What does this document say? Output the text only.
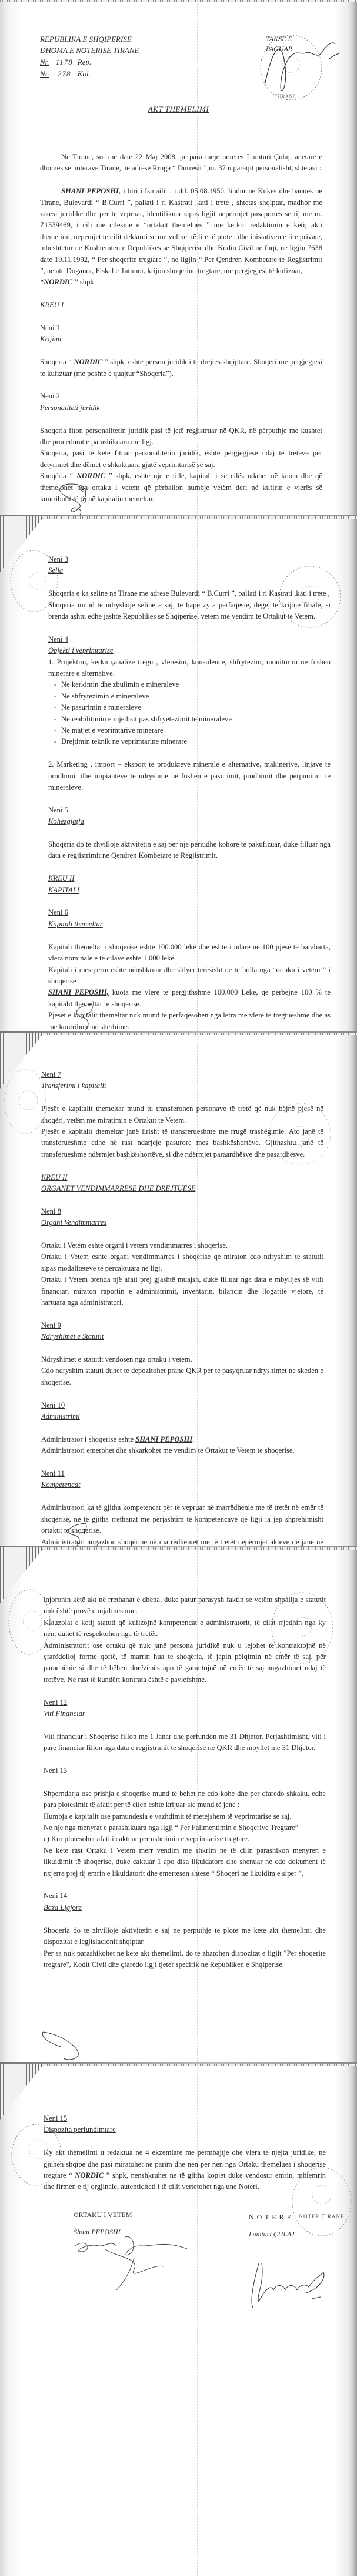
REPUBLIKA E SHQIPERISE
DHOMA E NOTERISE TIRANE
Nr. 1178 Rep.
Nr. 278 Kol.
TAKSE E
PAGUAR
TIRANE
AKT THEMELIMI
Ne Tirane, sot me date 22 Maj 2008, perpara meje noteres Lumturi Çulaj, anetare e dhomes se noterave Tirane, ne adrese Rruga “ Durresit ”,nr. 37 u paraqit personalisht, shtetasi :
SHANI PEPOSHI, i biri i Ismailit , i dtl. 05.08.1950, lindur ne Kukes dhe banues ne Tirane, Bulevardi “ B.Curri ”, pallati i ri Kastrati ,kati i trete , shtetas shqiptar, madhor me zotesi juridike dhe per te vepruar, identifikuar sipas ligjit nepermjet pasaportes se tij me nr. Z1539469, i cili me cilesine e “ortakut themelues ” me kerkoi redaktimin e ketij akti themelimi, nepemjet te cilit deklaroi se me vullnet të lire të plote , dhe inisiativen e lire private, mbeshtetur ne Kushtetuten e Republikes se Shqiperise dhe Kodin Civil ne fuqi, ne ligjin 7638 date 19.11.1992, “ Per shoqerite tregtare ”, ne ligjin “ Per Qendren Kombetare te Regjistrimit ”, ne ate Doganor, Fiskal e Tatimor, krijon shoqerine tregtare, me pergjegjesi të kufizuar,
“NORDIC ” shpk
KREU I
Neni 1
Krijimi
Shoqeria “ NORDIC ” shpk, eshte person juridik i te drejtes shqiptare, Shoqeri me pergjegjesi te kufizuar (me poshte e quajtur “Shoqeria”).
Neni 2
Personaliteti juridik
Shoqeria fiton personalitetin juridik pasi të jetë regjistruar në QKR, në përputhje me kushtet dhe procedurat e parashikuara me ligj.
Shoqeria, pasi të ketë fituar personalitetin juridik, është përgjegjëse ndaj të tretëve për detyrimet dhe dëmet e shkaktuara gjatë veprimtarisë së saj.
Shoqëria “ NORDIC ” shpk, eshte nje e tille, kapitali i së cilës ndahet në kuota dhe që themelohet nga ortaku I vetem që përballon humbje vetëm deri në kufirin e vlerës së kontributit të tij në kapitalin themeltar.
Neni 3
Selia
Shoqeria e ka seline ne Tirane me adrese Bulevardi “ B.Curri ”, pallati i ri Kastrati ,kati i trete ,
Shoqeria mund te ndryshoje seline e saj, te hape zyra perfaqesie, dege, te krijoje filiale, si brenda ashtu edhe jashte Republikes se Shqiperise, vetëm me vendim te Ortakut te Vetem.
Neni 4
Objekti i veprimtarise
1. Projektim, kerkim,analize tregu , vleresim, konsulence, shfrytezim, monitorim ne fushen minerare e alternative.
- Ne kerkimin dhe zbulimin e mineraleve
- Ne shfrytezimin e mineraleve
- Ne pasurimin e mineraleve
- Ne reabilitimin e mjedisit pas shfryetezimit te mineraleve
- Ne matjet e veprimtarive minerare
- Drejtimin teknik ne veprimtarine minerare
2. Marketing , import – eksport te produkteve minerale e alternative, makinerive, linjave te prodhimit dhe impianteve te ndryshme ne fushen e pasurimit, prodhimit dhe perpunimit te mineraleve.
Neni 5
Kohezgjatja
Shoqeria do te zhvilloje aktivitetin e saj per nje periudhe kohore te pakufizuar, duke filluar nga data e regjistrimit ne Qendren Kombetare te Regjistrimit.
KREU II
KAPITALI
Neni 6
Kapitali themeltar
Kapitali themeltar i shoqerise eshte 100.000 lekë dhe eshte i ndare në 100 pjesë të barabarta, vlera nominale e të cilave eshte 1.000 lekë.
Kapitali i mesiperm eshte nënshkruar dhe shlyer tërësisht ne te holla nga “ortaku i vetem ” i shoqerise :
SHANI PEPOSHI, kuota me vlere te pergjithshme 100.000 Leke, qe perbejne 100 % te kapitalit themeltar te shoqerise.
Pjesët e kapitalit themeltar nuk mund të përfaqësohen nga letra me vlerë të tregtueshme dhe as me kontribute në shërbime.
Neni 7
Transferimi i kapitalit
Pjesët e kapitalit themeltar mund tu transferohen personave të tretë që nuk bëjnë pjesë në shoqëri, vetëm me miratimin e Ortakut te Vetem.
Pjesët e kapitalit themeltar janë lirisht të transferueshme me rrugë trashëgimie. Ato janë të transferueshme edhe në rast ndarjeje pasurore mes bashkëshortëve. Gjithashtu janë të transferueshme ndërmjet bashkëshortëve, si dhe ndërmjet paraardhësve dhe pasardhësve.
KREU II
ORGANET VENDIMMARRESE DHE DREJTUESE
Neni 8
Organi Vendimmarres
Ortaku i Vetem eshte organi i vetem vendimmarres i shoqerise.
Ortaku i Vetem eshte organi vendimmarres i shoqerise qe miraton cdo ndryshim te statutit sipas modaliteteve te percaktuara ne ligj.
Ortaku i Vetem brenda një afati prej gjashtë muajsh, duke filluar nga data e mbylljes së vitit financiar, miraton raportin e administrimit, inventarin, bilancin dhe llogaritë vjetore, të hartuara nga administratori,
Neni 9
Ndryshimet e Statutit
Ndryshimet e statutit vendosen nga ortaku i vetem.
Cdo ndryshim statuti duhet te depozitohet prane QKR per te pasyqruar ndryshimet ne skeden e shoqerise.
Neni 10
Administrimi
Administrator i shoqerise eshte SHANI PEPOSHI.
Administratori emerohet dhe shkarkohet me vendim te Ortakut te Vetem te shoqerise.
Neni 11
Kompetencat
Administratori ka të gjitha kompetencat për të vepruar në marrëdhënie me të tretët në emër të shoqërisë, në të gjitha rrethanat me përjashtim të kompetencave që ligji ia jep shprehimisht ortakut te shoqerise.
Administratori angazhon shoqërinë në marrëdhëniet me të tretët nëpërmjet akteve që janë në
injoronin këtë akt në rrethanat e dhëna, duke patur parasysh faktin se vetëm shpallja e statutit nuk është provë e mjaftueshme.
Klauzolat e ketij statuti që kufizojnë kompetencat e administratorit, të cilat rrjedhin nga ky nen, duhet të respektohen nga të tretët.
Administratorit ose ortaku që nuk janë persona juridikë nuk u lejohet të kontraktojnë në çfarëdolloj forme qoftë, të marrin hua te shoqëria, të japin pëlqimin në emër të saj, për paradhënie si dhe të bëhen dorëzënës apo të garantojnë në emër të saj angazhimet ndaj të tretëve. Në rast të kundërt kontrata është e pavlefshme.
Neni 12
Viti Financiar
Viti financiar i Shoqerise fillon me 1 Janar dhe perfundon me 31 Dhjetor. Perjashtimisht, viti i pare financiar fillon nga data e regjistrimit te shoqerise ne QKR dhe mbyllet me 31 Dhjetor.
Neni 13
Shperndarja ose prishja e shoqerise mund të behet ne cdo kohe dhe per cfaredo shkaku, edhe para plotesimit të afatit per të cilen eshte krijuar sic mund të jene :
Humbja e kapitalit ose pamundesia e vazhdimit të metejshem të veprimtarise se saj.
Ne nje nga menyrat e parashikuara nga ligji “ Per Falimentimin e Shoqerive Tregtare”
c) Kur plotesohet afati i caktuar per ushtrimin e veprimtarise tregtare.
Ne kete rast Ortaku i Vetem merr vendim me shkrim ne të cilin parashikon menyren e likuidimit të shoqerise, duke caktuar 1 apo disa likuidatore dhe shenuar ne cdo dokument të nxjerre prej tij emrin e likuidatorit dhe emertesen shtese “ Shoqeri ne likuidim e siper ”.
Neni 14
Baza Ligjore
Shoqeria do te zhvilloje aktivitetin e saj ne perputhje te plote me kete akt themelimi dhe dispozitat e legjislacionit shqiptar.
Per sa nuk parashikohet ne kete akt themelimi, do te zbatohen dispozitat e ligjit "Per shoqerite tregtare", Kodit Civil dhe çfaredo ligji tjeter specifik ne Republiken e Shqiperise.
Neni 15
Dispozita perfundimtare
Ky akt themelimi u redaktua ne 4 ekzemlare me permbajtje dhe vlera te njejta juridike, ne gjuhen shqipe dhe pasi miratohet ne parim dhe nen per nen nga Ortaku themelues i shoqerise tregtare “ NORDIC ” shpk, nenshkruhet ne të gjitha kopjet duke vendosur emrin, mbiemrin dhe firmen e tij orgjinale, autenticiteti i të cilit vertetohet nga une Noteri.
NOTER TIRANË
ORTAKU I VETEM
Shani PEPOSHI
N O T E R E
Lumturi ÇULAJ
